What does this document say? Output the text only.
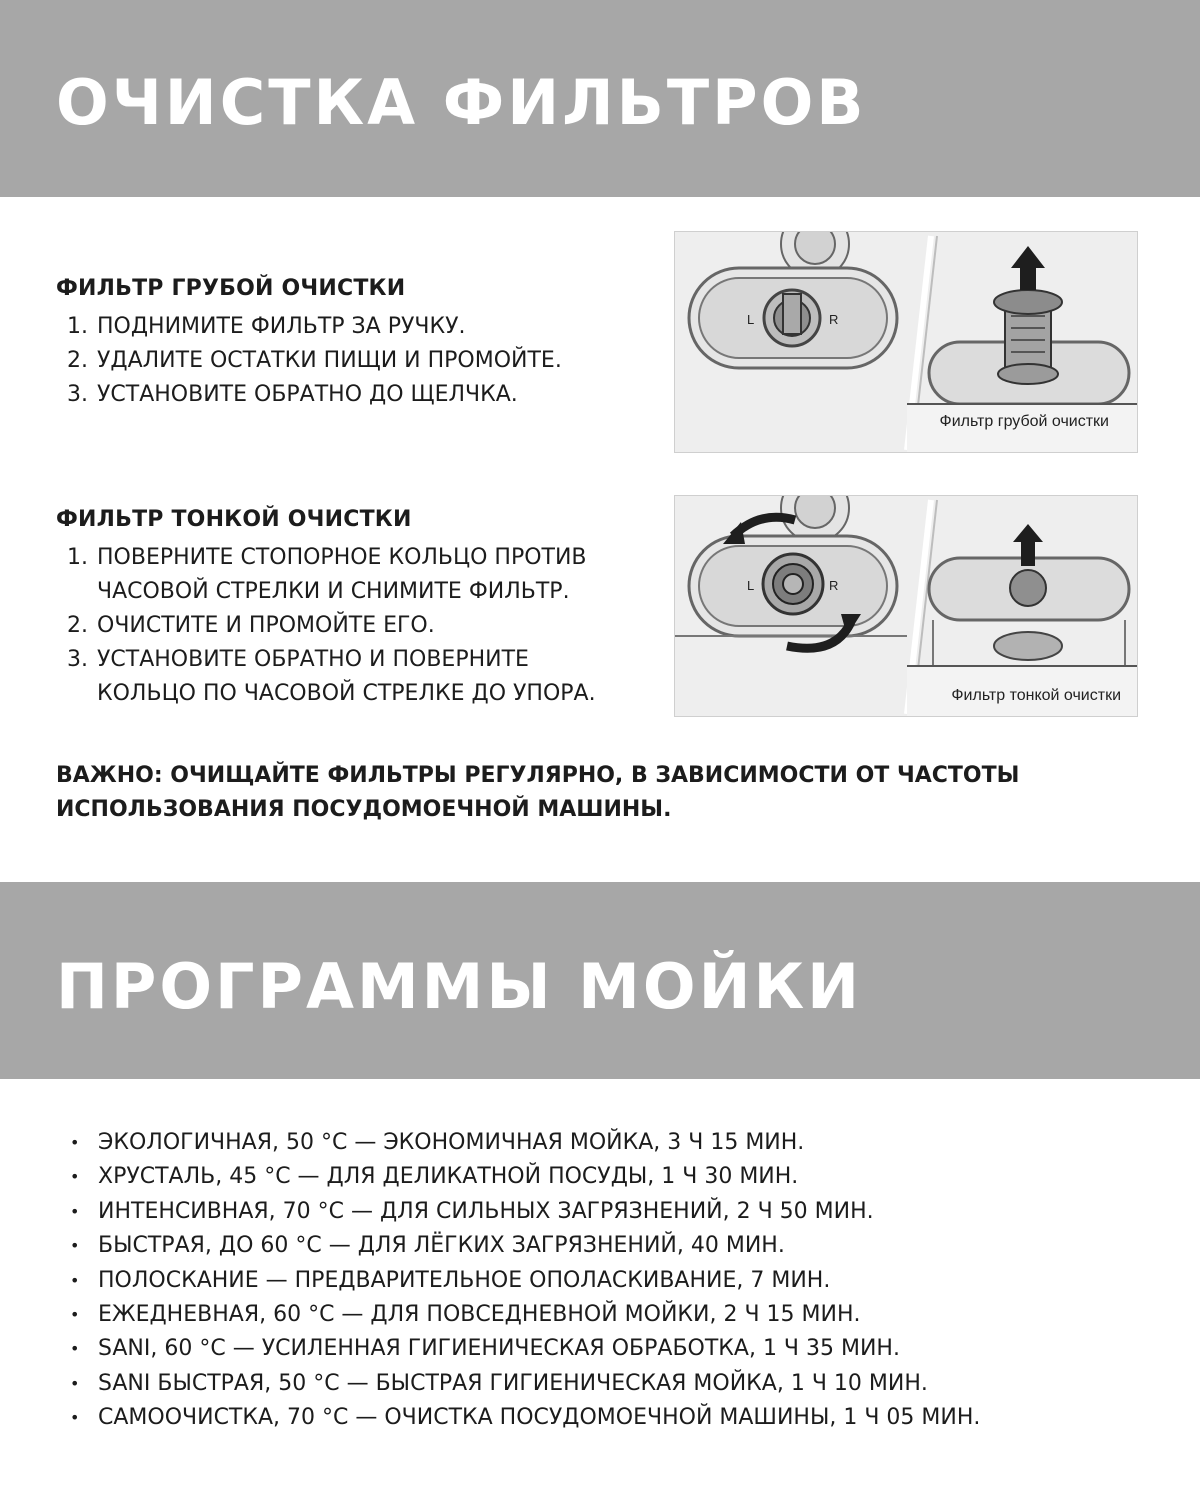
ОЧИСТКА ФИЛЬТРОВ
ФИЛЬТР ГРУБОЙ ОЧИСТКИ
1. ПОДНИМИТЕ ФИЛЬТР ЗА РУЧКУ.
2. УДАЛИТЕ ОСТАТКИ ПИЩИ И ПРОМОЙТЕ.
3. УСТАНОВИТЕ ОБРАТНО ДО ЩЕЛЧКА.
L	R
Фильтр грубой очистки
ФИЛЬТР ТОНКОЙ ОЧИСТКИ
1. ПОВЕРНИТЕ СТОПОРНОЕ КОЛЬЦО ПРОТИВ
ЧАСОВОЙ СТРЕЛКИ И СНИМИТЕ ФИЛЬТР.
2. ОЧИСТИТЕ И ПРОМОЙТЕ ЕГО.
3. УСТАНОВИТЕ ОБРАТНО И ПОВЕРНИТЕ
КОЛЬЦО ПО ЧАСОВОЙ СТРЕЛКЕ ДО УПОРА.
L	R
Фильтр тонкой очистки
ВАЖНО: ОЧИЩАЙТЕ ФИЛЬТРЫ РЕГУЛЯРНО, В ЗАВИСИМОСТИ ОТ ЧАСТОТЫ
ИСПОЛЬЗОВАНИЯ ПОСУДОМОЕЧНОЙ МАШИНЫ.
ПРОГРАММЫ МОЙКИ
• ЭКОЛОГИЧНАЯ, 50 °C — ЭКОНОМИЧНАЯ МОЙКА, 3 Ч 15 МИН.
• ХРУСТАЛЬ, 45 °C — ДЛЯ ДЕЛИКАТНОЙ ПОСУДЫ, 1 Ч 30 МИН.
• ИНТЕНСИВНАЯ, 70 °C — ДЛЯ СИЛЬНЫХ ЗАГРЯЗНЕНИЙ, 2 Ч 50 МИН.
• БЫСТРАЯ, ДО 60 °C — ДЛЯ ЛЁГКИХ ЗАГРЯЗНЕНИЙ, 40 МИН.
• ПОЛОСКАНИЕ — ПРЕДВАРИТЕЛЬНОЕ ОПОЛАСКИВАНИЕ, 7 МИН.
• ЕЖЕДНЕВНАЯ, 60 °C — ДЛЯ ПОВСЕДНЕВНОЙ МОЙКИ, 2 Ч 15 МИН.
• SANI, 60 °C — УСИЛЕННАЯ ГИГИЕНИЧЕСКАЯ ОБРАБОТКА, 1 Ч 35 МИН.
• SANI БЫСТРАЯ, 50 °C — БЫСТРАЯ ГИГИЕНИЧЕСКАЯ МОЙКА, 1 Ч 10 МИН.
• САМООЧИСТКА, 70 °C — ОЧИСТКА ПОСУДОМОЕЧНОЙ МАШИНЫ, 1 Ч 05 МИН.
